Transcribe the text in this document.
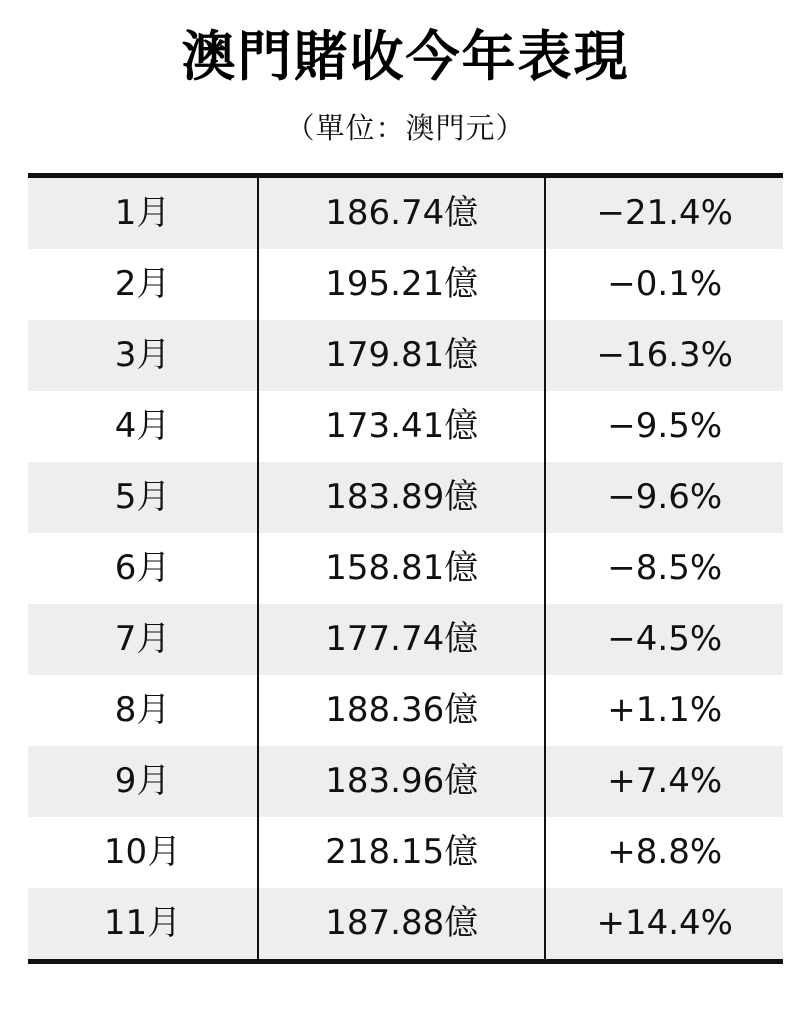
澳門賭收今年表現
（單位：澳門元）
1月	186.74億	−21.4%

2月	195.21億	−0.1%

3月	179.81億	−16.3%

4月	173.41億	−9.5%

5月	183.89億	−9.6%

6月	158.81億	−8.5%

7月	177.74億	−4.5%

8月	188.36億	+1.1%

9月	183.96億	+7.4%

10月	218.15億	+8.8%

11月	187.88億	+14.4%
